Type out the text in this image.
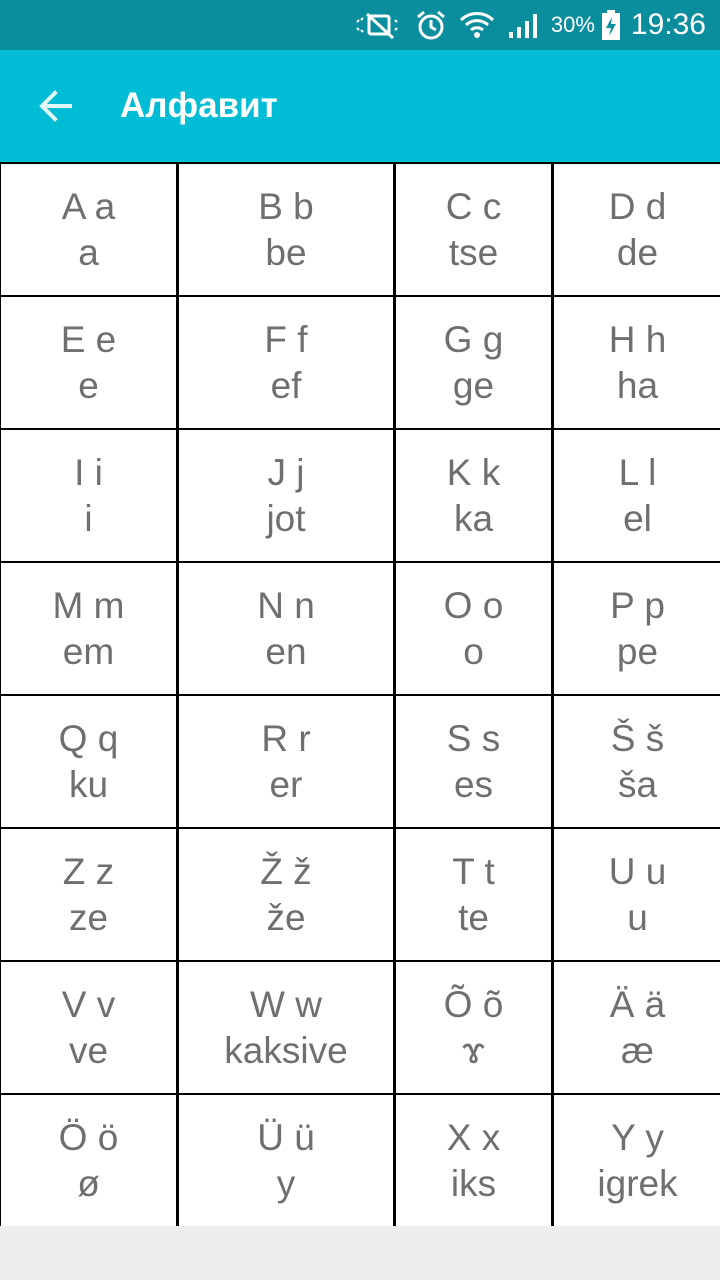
30% 19:36
Алфавит
A a
a
B b
be
C c
tse
D d
de
E e
e
F f
ef
G g
ge
H h
ha
I i
i
J j
jot
K k
ka
L l
el
M m
em
N n
en
O o
o
P p
pe
Q q
ku
R r
er
S s
es
Š š
ša
Z z
ze
Ž ž
že
T t
te
U u
u
V v
ve
W w
kaksive
Õ õ
ɤ
Ä ä
æ
Ö ö
ø
Ü ü
y
X x
iks
Y y
igrek
